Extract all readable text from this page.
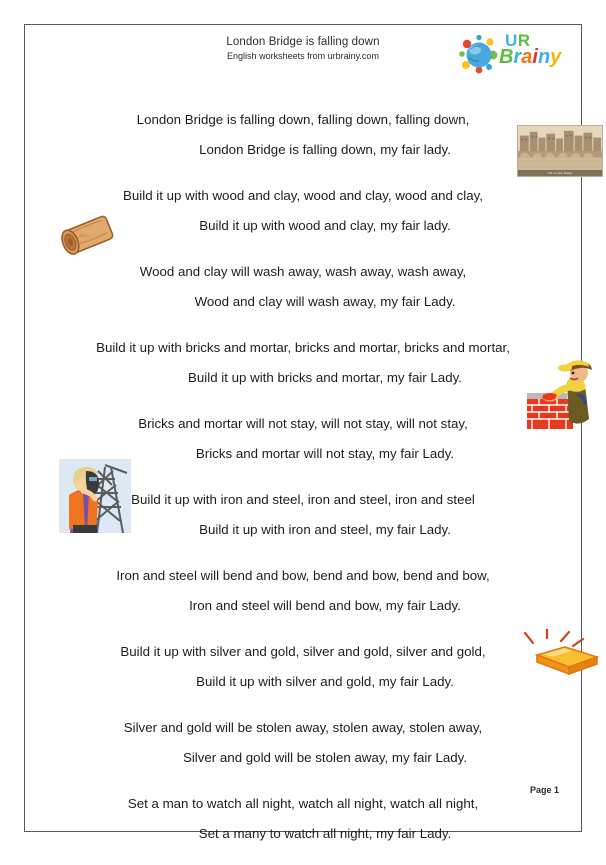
London Bridge is falling down
English worksheets from urbrainy.com
UR
Brainy
Old London Bridge
London Bridge is falling down, falling down, falling down,
London Bridge is falling down, my fair lady.
Build it up with wood and clay, wood and clay, wood and clay,
Build it up with wood and clay, my fair lady.
Wood and clay will wash away, wash away, wash away,
Wood and clay will wash away, my fair Lady.
Build it up with bricks and mortar, bricks and mortar, bricks and mortar,
Build it up with bricks and mortar, my fair Lady.
Bricks and mortar will not stay, will not stay, will not stay,
Bricks and mortar will not stay, my fair Lady.
Build it up with iron and steel, iron and steel, iron and steel
Build it up with iron and steel, my fair Lady.
Iron and steel will bend and bow, bend and bow, bend and bow,
Iron and steel will bend and bow, my fair Lady.
Build it up with silver and gold, silver and gold, silver and gold,
Build it up with silver and gold, my fair Lady.
Silver and gold will be stolen away, stolen away, stolen away,
Silver and gold will be stolen away, my fair Lady.
Set a man to watch all night, watch all night, watch all night,
Set a many to watch all night, my fair Lady.
Page 1
